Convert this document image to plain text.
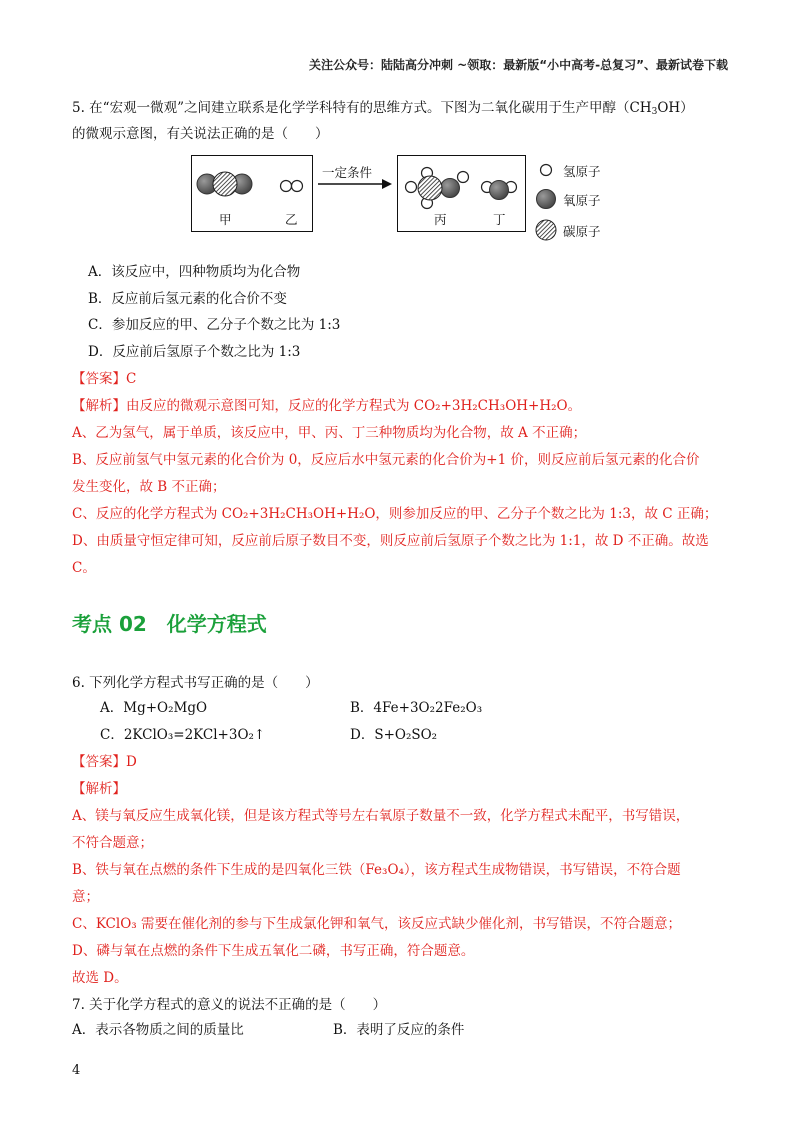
关注公众号：陆陆高分冲刺 ~领取：最新版“小中高考-总复习”、最新试卷下载
5. 在“宏观一微观”之间建立联系是化学学科特有的思维方式。下图为二氧化碳用于生产甲醇$(CH_3OH)$
的微观示意图，有关说法正确的是（　　）
甲	乙
一定条件
丙	丁
氢原子
氧原子
碳原子
A．该反应中，四种物质均为化合物
B．反应前后氢元素的化合价不变
C．参加反应的甲、乙分子个数之比为 1:3
D．反应前后氢原子个数之比为 1:3
【答案】C
【解析】由反应的微观示意图可知，反应的化学方程式为 CO₂+3H₂CH₃OH+H₂O。
A、乙为氢气，属于单质，该反应中，甲、丙、丁三种物质均为化合物，故 A 不正确；
B、反应前氢气中氢元素的化合价为 0，反应后水中氢元素的化合价为+1 价，则反应前后氢元素的化合价
发生变化，故 B 不正确；
C、反应的化学方程式为 CO₂+3H₂CH₃OH+H₂O，则参加反应的甲、乙分子个数之比为 1:3，故 C 正确；
D、由质量守恒定律可知，反应前后原子数目不变，则反应前后氢原子个数之比为 1:1，故 D 不正确。故选
C。
考点 02　化学方程式
6. 下列化学方程式书写正确的是（　　）
A．Mg+O₂MgO	B．4Fe+3O₂2Fe₂O₃
C．2KClO₃=2KCl+3O₂↑	D．S+O₂SO₂
【答案】D
【解析】
A、镁与氧反应生成氧化镁，但是该方程式等号左右氧原子数量不一致，化学方程式未配平，书写错误，
不符合题意；
B、铁与氧在点燃的条件下生成的是四氧化三铁（Fe₃O₄），该方程式生成物错误，书写错误，不符合题
意；
C、KClO₃ 需要在催化剂的参与下生成氯化钾和氧气，该反应式缺少催化剂，书写错误，不符合题意；
D、磷与氧在点燃的条件下生成五氧化二磷，书写正确，符合题意。
故选 D。
7. 关于化学方程式的意义的说法不正确的是（　　）
A．表示各物质之间的质量比	B．表明了反应的条件
4
